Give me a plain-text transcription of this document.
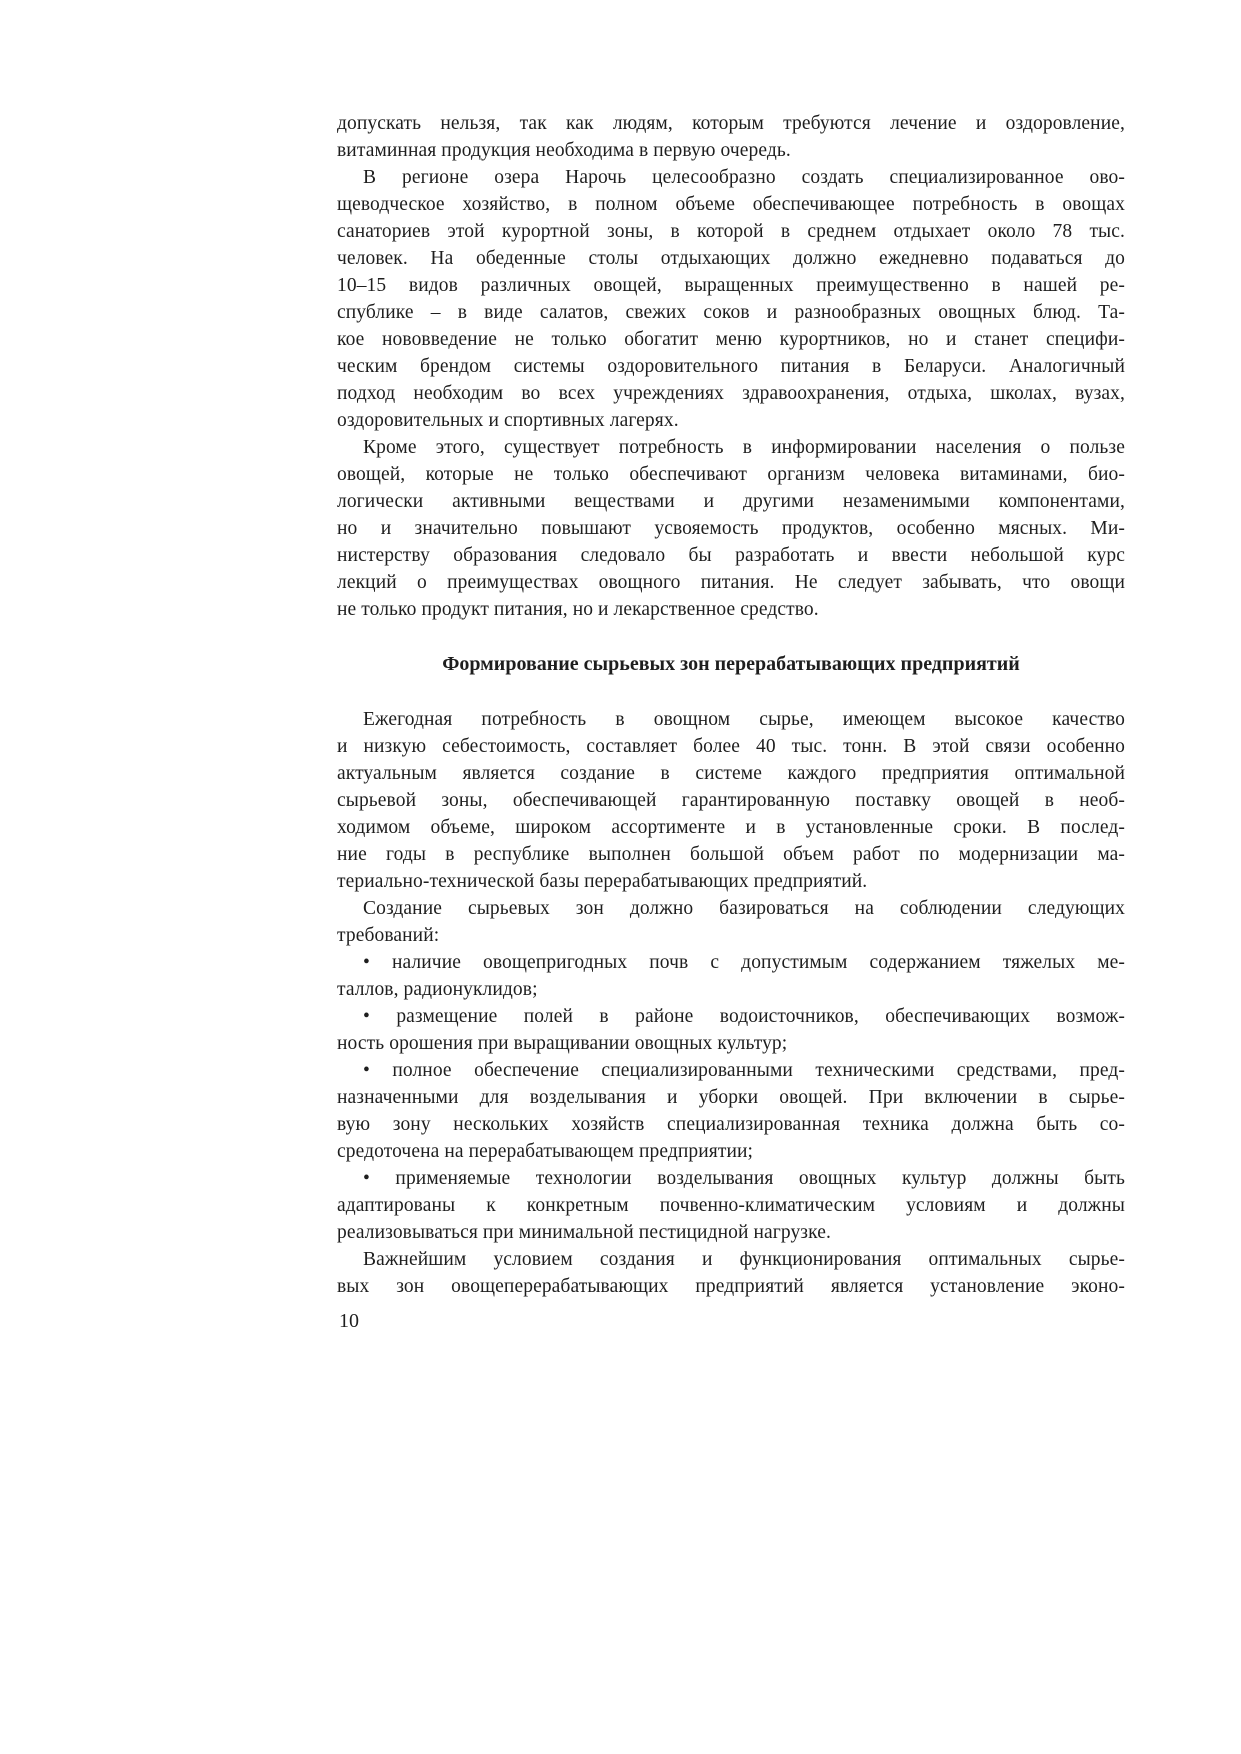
допускать нельзя, так как людям, которым требуются лечение и оздоровление,
витаминная продукция необходима в первую очередь.
В регионе озера Нарочь целесообразно создать специализированное ово-
щеводческое хозяйство, в полном объеме обеспечивающее потребность в овощах
санаториев этой курортной зоны, в которой в среднем отдыхает около 78 тыс.
человек. На обеденные столы отдыхающих должно ежедневно подаваться до
10–15 видов различных овощей, выращенных преимущественно в нашей ре-
спублике – в виде салатов, свежих соков и разнообразных овощных блюд. Та-
кое нововведение не только обогатит меню курортников, но и станет специфи-
ческим брендом системы оздоровительного питания в Беларуси. Аналогичный
подход необходим во всех учреждениях здравоохранения, отдыха, школах, вузах,
оздоровительных и спортивных лагерях.
Кроме этого, существует потребность в информировании населения о пользе
овощей, которые не только обеспечивают организм человека витаминами, био-
логически активными веществами и другими незаменимыми компонентами,
но и значительно повышают усвояемость продуктов, особенно мясных. Ми-
нистерству образования следовало бы разработать и ввести небольшой курс
лекций о преимуществах овощного питания. Не следует забывать, что овощи
не только продукт питания, но и лекарственное средство.
Формирование сырьевых зон перерабатывающих предприятий
Ежегодная потребность в овощном сырье, имеющем высокое качество
и низкую себестоимость, составляет более 40 тыс. тонн. В этой связи особенно
актуальным является создание в системе каждого предприятия оптимальной
сырьевой зоны, обеспечивающей гарантированную поставку овощей в необ-
ходимом объеме, широком ассортименте и в установленные сроки. В послед-
ние годы в республике выполнен большой объем работ по модернизации ма-
териально-технической базы перерабатывающих предприятий.
Создание сырьевых зон должно базироваться на соблюдении следующих
требований:
• наличие овощепригодных почв с допустимым содержанием тяжелых ме-
таллов, радионуклидов;
• размещение полей в районе водоисточников, обеспечивающих возмож-
ность орошения при выращивании овощных культур;
• полное обеспечение специализированными техническими средствами, пред-
назначенными для возделывания и уборки овощей. При включении в сырье-
вую зону нескольких хозяйств специализированная техника должна быть со-
средоточена на перерабатывающем предприятии;
• применяемые технологии возделывания овощных культур должны быть
адаптированы к конкретным почвенно-климатическим условиям и должны
реализовываться при минимальной пестицидной нагрузке.
Важнейшим условием создания и функционирования оптимальных сырье-
вых зон овощеперерабатывающих предприятий является установление эконо-
10
